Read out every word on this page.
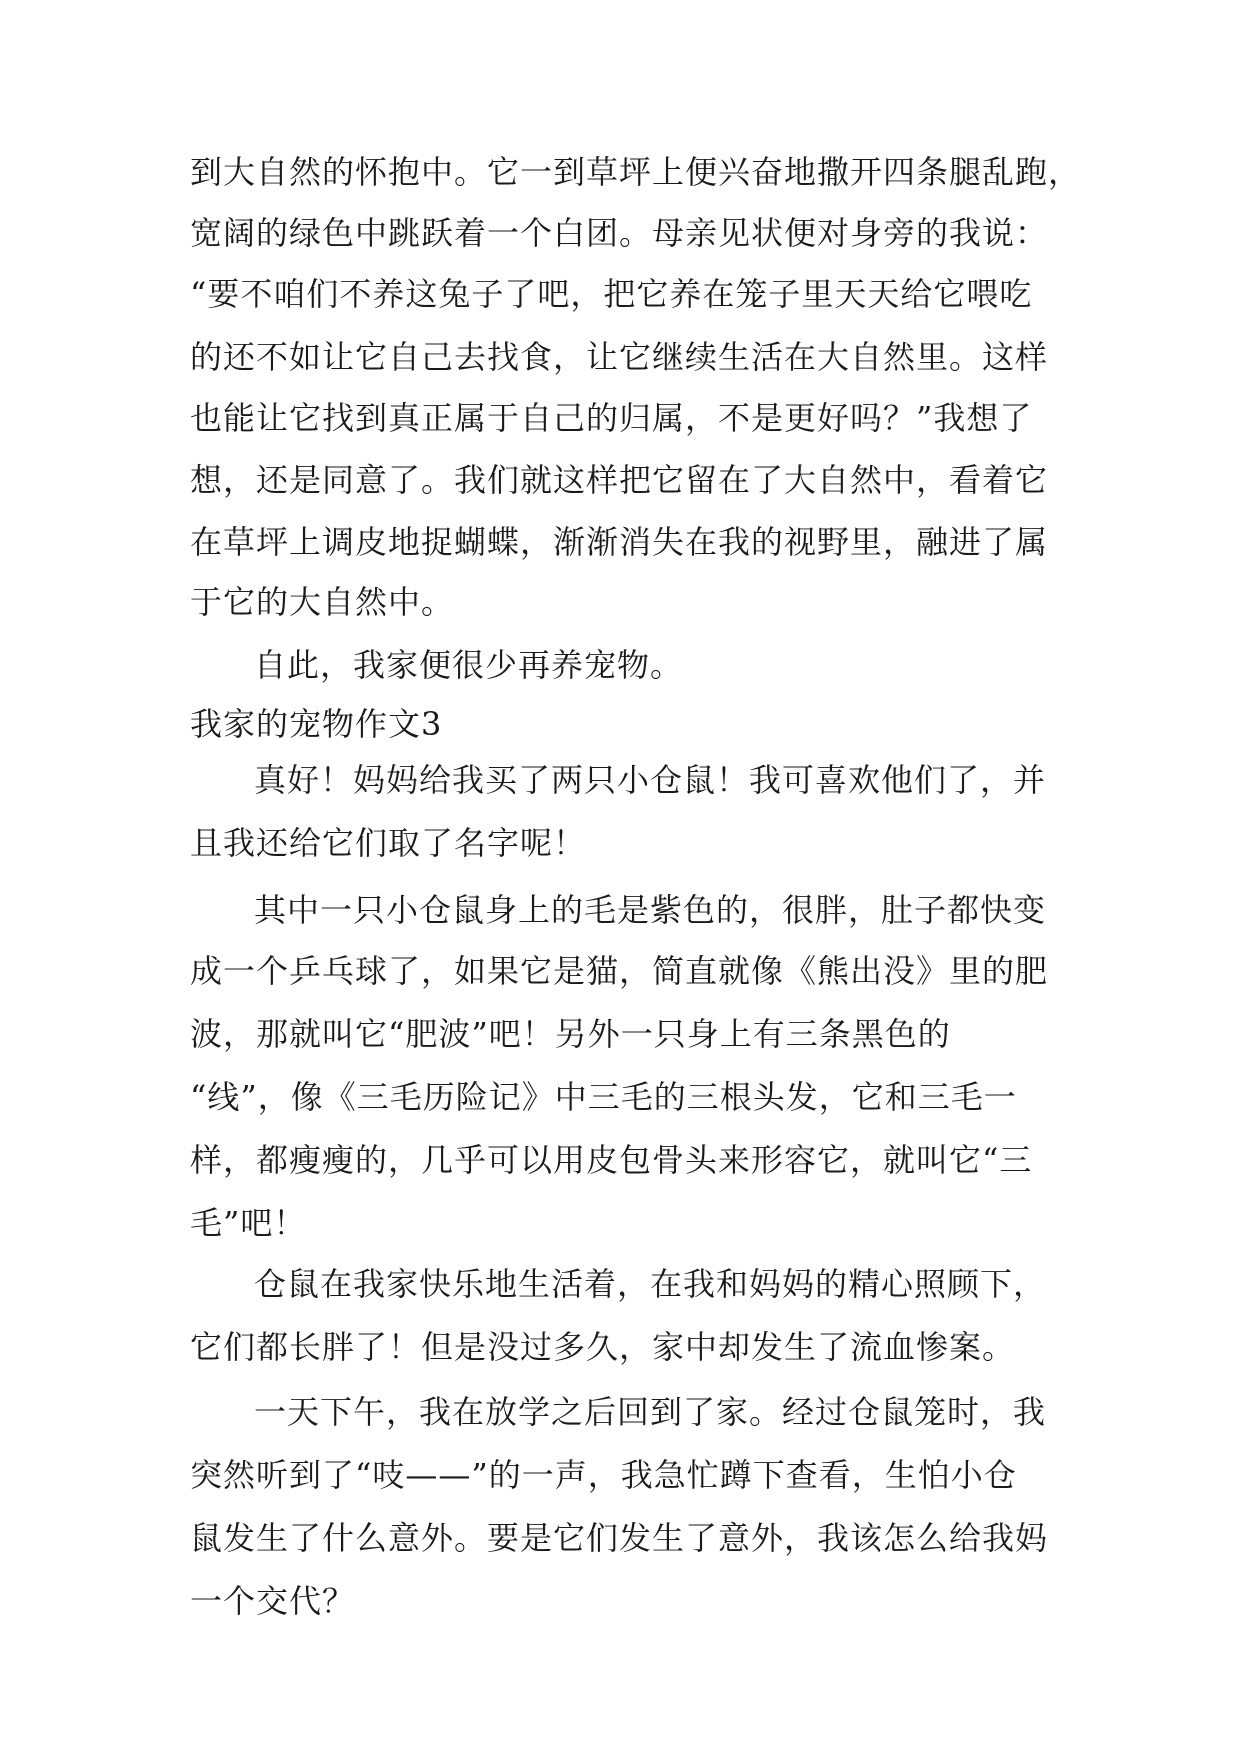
到大自然的怀抱中。它一到草坪上便兴奋地撒开四条腿乱跑，
宽阔的绿色中跳跃着一个白团。母亲见状便对身旁的我说：
“要不咱们不养这兔子了吧，把它养在笼子里天天给它喂吃
的还不如让它自己去找食，让它继续生活在大自然里。这样
也能让它找到真正属于自己的归属，不是更好吗？”我想了
想，还是同意了。我们就这样把它留在了大自然中，看着它
在草坪上调皮地捉蝴蝶，渐渐消失在我的视野里，融进了属
于它的大自然中。
自此，我家便很少再养宠物。
我家的宠物作文3
真好！妈妈给我买了两只小仓鼠！我可喜欢他们了，并
且我还给它们取了名字呢！
其中一只小仓鼠身上的毛是紫色的，很胖，肚子都快变
成一个乒乓球了，如果它是猫，简直就像《熊出没》里的肥
波，那就叫它“肥波”吧！另外一只身上有三条黑色的
“线”，像《三毛历险记》中三毛的三根头发，它和三毛一
样，都瘦瘦的，几乎可以用皮包骨头来形容它，就叫它“三
毛”吧！
仓鼠在我家快乐地生活着，在我和妈妈的精心照顾下，
它们都长胖了！但是没过多久，家中却发生了流血惨案。
一天下午，我在放学之后回到了家。经过仓鼠笼时，我
突然听到了“吱——”的一声，我急忙蹲下查看，生怕小仓
鼠发生了什么意外。要是它们发生了意外，我该怎么给我妈
一个交代？
